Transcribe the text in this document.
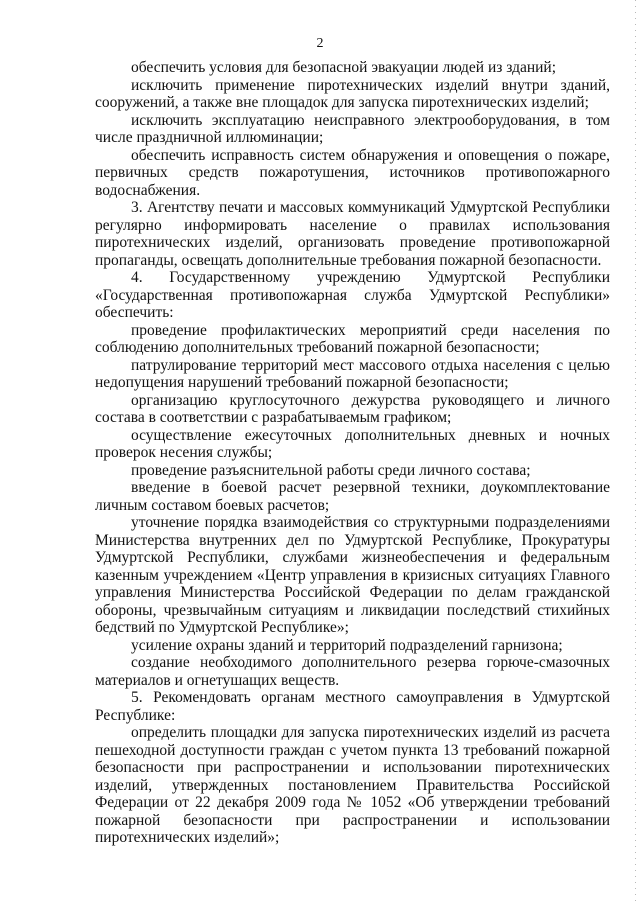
2

обеспечить условия для безопасной эвакуации людей из зданий;

исключить применение пиротехнических изделий внутри зданий, сооружений, а также вне площадок для запуска пиротехнических изделий;

исключить эксплуатацию неисправного электрооборудования, в том числе праздничной иллюминации;

обеспечить исправность систем обнаружения и оповещения о пожаре, первичных средств пожаротушения, источников противопожарного водоснабжения.

3. Агентству печати и массовых коммуникаций Удмуртской Республики регулярно информировать население о правилах использования пиротехнических изделий, организовать проведение противопожарной пропаганды, освещать дополнительные требования пожарной безопасности.

4. Государственному учреждению Удмуртской Республики «Государственная противопожарная служба Удмуртской Республики» обеспечить:

проведение профилактических мероприятий среди населения по соблюдению дополнительных требований пожарной безопасности;

патрулирование территорий мест массового отдыха населения с целью недопущения нарушений требований пожарной безопасности;

организацию круглосуточного дежурства руководящего и личного состава в соответствии с разрабатываемым графиком;

осуществление ежесуточных дополнительных дневных и ночных проверок несения службы;

проведение разъяснительной работы среди личного состава;

введение в боевой расчет резервной техники, доукомплектование личным составом боевых расчетов;

уточнение порядка взаимодействия со структурными подразделениями Министерства внутренних дел по Удмуртской Республике, Прокуратуры Удмуртской Республики, службами жизнеобеспечения и федеральным казенным учреждением «Центр управления в кризисных ситуациях Главного управления Министерства Российской Федерации по делам гражданской обороны, чрезвычайным ситуациям и ликвидации последствий стихийных бедствий по Удмуртской Республике»;

усиление охраны зданий и территорий подразделений гарнизона;

создание необходимого дополнительного резерва горюче-смазочных материалов и огнетушащих веществ.

5. Рекомендовать органам местного самоуправления в Удмуртской Республике:

определить площадки для запуска пиротехнических изделий из расчета пешеходной доступности граждан с учетом пункта 13 требований пожарной безопасности при распространении и использовании пиротехнических изделий, утвержденных постановлением Правительства Российской Федерации от 22 декабря 2009 года № 1052 «Об утверждении требований пожарной безопасности при распространении и использовании пиротехнических изделий»;
